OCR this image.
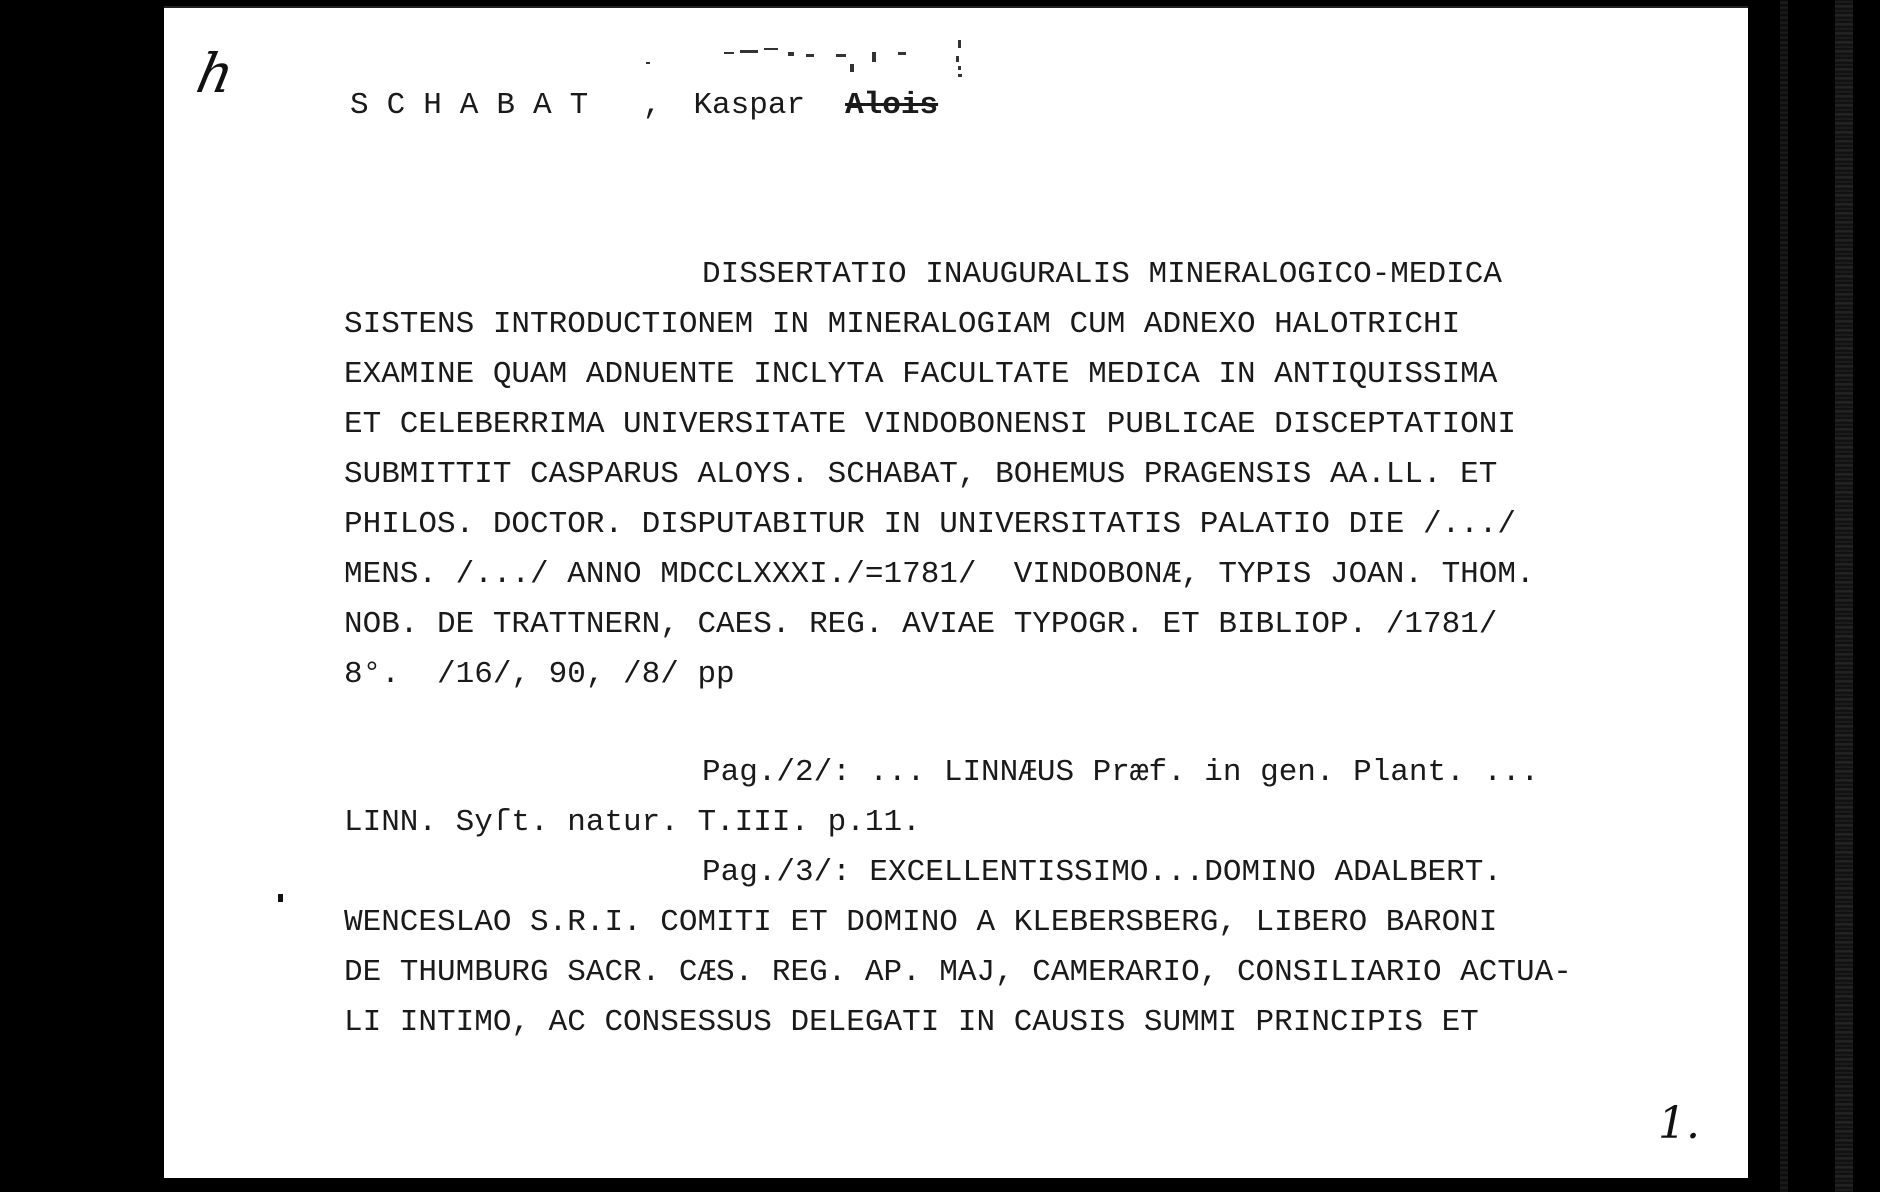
h
SCHABAT , Kaspar Alois
DISSERTATIO INAUGURALIS MINERALOGICO-MEDICA
SISTENS INTRODUCTIONEM IN MINERALOGIAM CUM ADNEXO HALOTRICHI
EXAMINE QUAM ADNUENTE INCLYTA FACULTATE MEDICA IN ANTIQUISSIMA
ET CELEBERRIMA UNIVERSITATE VINDOBONENSI PUBLICAE DISCEPTATIONI
SUBMITTIT CASPARUS ALOYS. SCHABAT, BOHEMUS PRAGENSIS AA.LL. ET
PHILOS. DOCTOR. DISPUTABITUR IN UNIVERSITATIS PALATIO DIE /.../
MENS. /.../ ANNO MDCCLXXXI./=1781/  VINDOBONÆ, TYPIS JOAN. THOM.
NOB. DE TRATTNERN, CAES. REG. AVIAE TYPOGR. ET BIBLIOP. /1781/
8°.  /16/, 90, /8/ pp
Pag./2/: ... LINNÆUS Præf. in gen. Plant. ...
LINN. Syſt. natur. T.III. p.11.
Pag./3/: EXCELLENTISSIMO...DOMINO ADALBERT.
WENCESLAO S.R.I. COMITI ET DOMINO A KLEBERSBERG, LIBERO BARONI
DE THUMBURG SACR. CÆS. REG. AP. MAJ, CAMERARIO, CONSILIARIO ACTUA-
LI INTIMO, AC CONSESSUS DELEGATI IN CAUSIS SUMMI PRINCIPIS ET
1.
